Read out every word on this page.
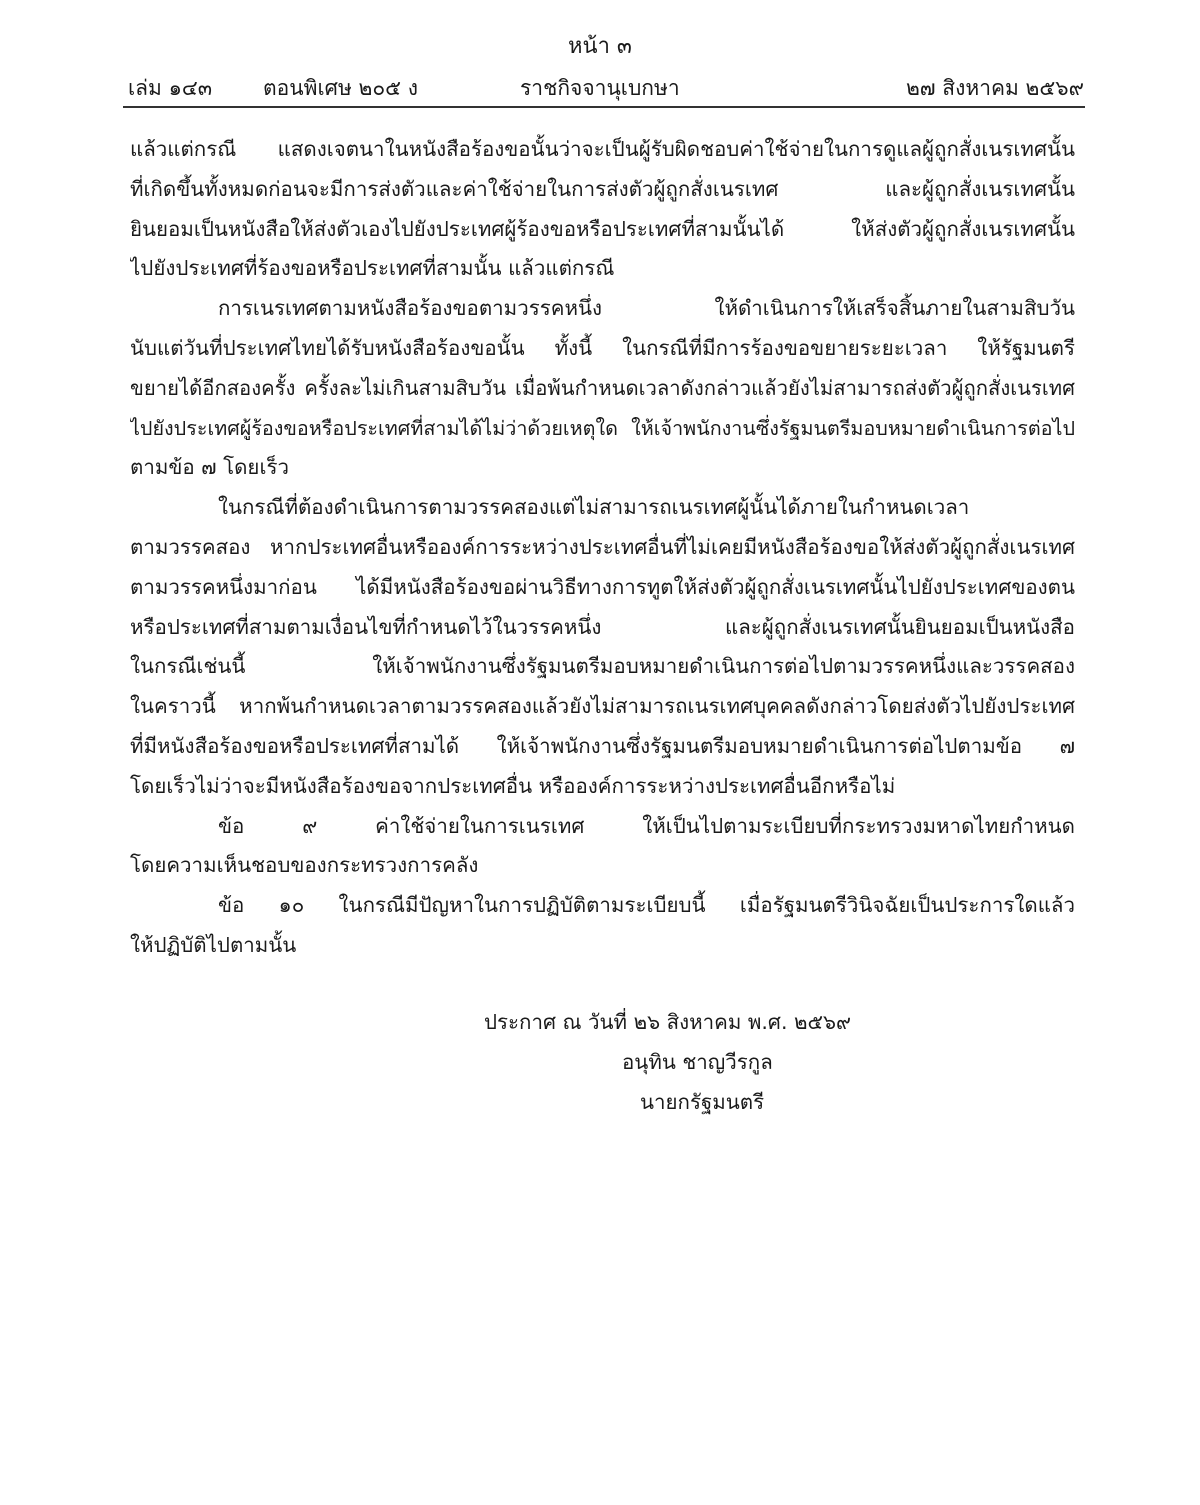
หน้า ๓
เล่ม ๑๔๓ ตอนพิเศษ ๒๐๕ ง	ราชกิจจานุเบกษา	๒๗ สิงหาคม ๒๕๖๙
แล้วแต่กรณี แสดงเจตนาในหนังสือร้องขอนั้นว่าจะเป็นผู้รับผิดชอบค่าใช้จ่ายในการดูแลผู้ถูกสั่งเนรเทศนั้น
ที่เกิดขึ้นทั้งหมดก่อนจะมีการส่งตัวและค่าใช้จ่ายในการส่งตัวผู้ถูกสั่งเนรเทศ และผู้ถูกสั่งเนรเทศนั้น
ยินยอมเป็นหนังสือให้ส่งตัวเองไปยังประเทศผู้ร้องขอหรือประเทศที่สามนั้นได้ ให้ส่งตัวผู้ถูกสั่งเนรเทศนั้น
ไปยังประเทศที่ร้องขอหรือประเทศที่สามนั้น แล้วแต่กรณี
การเนรเทศตามหนังสือร้องขอตามวรรคหนึ่ง ให้ดำเนินการให้เสร็จสิ้นภายในสามสิบวัน
นับแต่วันที่ประเทศไทยได้รับหนังสือร้องขอนั้น ทั้งนี้ ในกรณีที่มีการร้องขอขยายระยะเวลา ให้รัฐมนตรี
ขยายได้อีกสองครั้ง ครั้งละไม่เกินสามสิบวัน เมื่อพ้นกำหนดเวลาดังกล่าวแล้วยังไม่สามารถส่งตัวผู้ถูกสั่งเนรเทศ
ไปยังประเทศผู้ร้องขอหรือประเทศที่สามได้ไม่ว่าด้วยเหตุใด ให้เจ้าพนักงานซึ่งรัฐมนตรีมอบหมายดำเนินการต่อไป
ตามข้อ ๗ โดยเร็ว
ในกรณีที่ต้องดำเนินการตามวรรคสองแต่ไม่สามารถเนรเทศผู้นั้นได้ภายในกำหนดเวลา
ตามวรรคสอง หากประเทศอื่นหรือองค์การระหว่างประเทศอื่นที่ไม่เคยมีหนังสือร้องขอให้ส่งตัวผู้ถูกสั่งเนรเทศ
ตามวรรคหนึ่งมาก่อน ได้มีหนังสือร้องขอผ่านวิธีทางการทูตให้ส่งตัวผู้ถูกสั่งเนรเทศนั้นไปยังประเทศของตน
หรือประเทศที่สามตามเงื่อนไขที่กำหนดไว้ในวรรคหนึ่ง และผู้ถูกสั่งเนรเทศนั้นยินยอมเป็นหนังสือ
ในกรณีเช่นนี้ ให้เจ้าพนักงานซึ่งรัฐมนตรีมอบหมายดำเนินการต่อไปตามวรรคหนึ่งและวรรคสอง
ในคราวนี้ หากพ้นกำหนดเวลาตามวรรคสองแล้วยังไม่สามารถเนรเทศบุคคลดังกล่าวโดยส่งตัวไปยังประเทศ
ที่มีหนังสือร้องขอหรือประเทศที่สามได้ ให้เจ้าพนักงานซึ่งรัฐมนตรีมอบหมายดำเนินการต่อไปตามข้อ ๗
โดยเร็วไม่ว่าจะมีหนังสือร้องขอจากประเทศอื่น หรือองค์การระหว่างประเทศอื่นอีกหรือไม่
ข้อ ๙ ค่าใช้จ่ายในการเนรเทศ ให้เป็นไปตามระเบียบที่กระทรวงมหาดไทยกำหนด
โดยความเห็นชอบของกระทรวงการคลัง
ข้อ ๑๐ ในกรณีมีปัญหาในการปฏิบัติตามระเบียบนี้ เมื่อรัฐมนตรีวินิจฉัยเป็นประการใดแล้ว
ให้ปฏิบัติไปตามนั้น
ประกาศ ณ วันที่ ๒๖ สิงหาคม พ.ศ. ๒๕๖๙
อนุทิน ชาญวีรกูล
นายกรัฐมนตรี
